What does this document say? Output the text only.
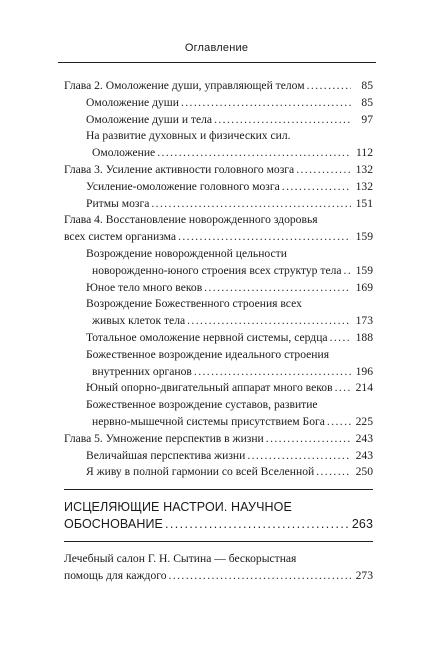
Оглавление
Глава 2. Омоложение души, управляющей телом .....	85
Омоложение души .....	85
Омоложение души и тела .....	97
На развитие духовных и физических сил.
Омоложение .....	112
Глава 3. Усиление активности головного мозга .....	132
Усиление-омоложение головного мозга .....	132
Ритмы мозга .....	151
Глава 4. Восстановление новорожденного здоровья
всех систем организма .....	159
Возрождение новорожденной цельности
новорожденно-юного строения всех структур тела ..... 159
Юное тело много веков .....	169
Возрождение Божественного строения всех
живых клеток тела .....	173
Тотальное омоложение нервной системы, сердца ..... 188
Божественное возрождение идеального строения
внутренних органов .....	196
Юный опорно-двигательный аппарат много веков ..... 214
Божественное возрождение суставов, развитие
нервно-мышечной системы присутствием Бога .....	225
Глава 5. Умножение перспектив в жизни .....	243
Величайшая перспектива жизни .....	243
Я живу в полной гармонии со всей Вселенной .....	250
ИСЦЕЛЯЮЩИЕ НАСТРОИ. НАУЧНОЕ
ОБОСНОВАНИЕ .....	263
Лечебный салон Г. Н. Сытина — бескорыстная
помощь для каждого .....	273
